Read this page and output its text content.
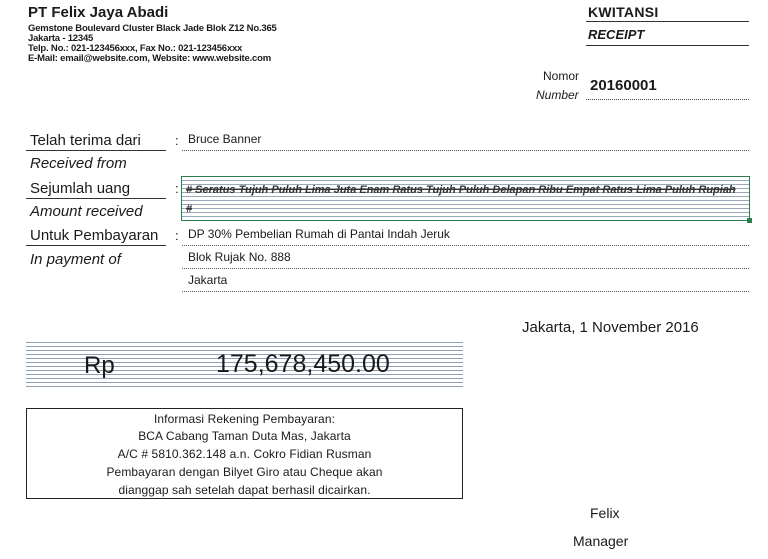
PT Felix Jaya Abadi
Gemstone Boulevard Cluster Black Jade Blok Z12 No.365
Jakarta - 12345
Telp. No.: 021-123456xxx, Fax No.: 021-123456xxx
E-Mail: email@website.com, Website: www.website.com
KWITANSI
RECEIPT
Nomor
Number
20160001
Telah terima dari
Received from
: Bruce Banner
Sejumlah uang
Amount received
: # Seratus Tujuh Puluh Lima Juta Enam Ratus Tujuh Puluh Delapan Ribu Empat Ratus Lima Puluh Rupiah #
Untuk Pembayaran
In payment of
: DP 30% Pembelian Rumah di Pantai Indah Jeruk
Blok Rujak No. 888
Jakarta
Jakarta, 1 November 2016
Rp	175,678,450.00
Informasi Rekening Pembayaran:
BCA Cabang Taman Duta Mas, Jakarta
A/C # 5810.362.148 a.n. Cokro Fidian Rusman
Pembayaran dengan Bilyet Giro atau Cheque akan
dianggap sah setelah dapat berhasil dicairkan.
Felix
Manager
